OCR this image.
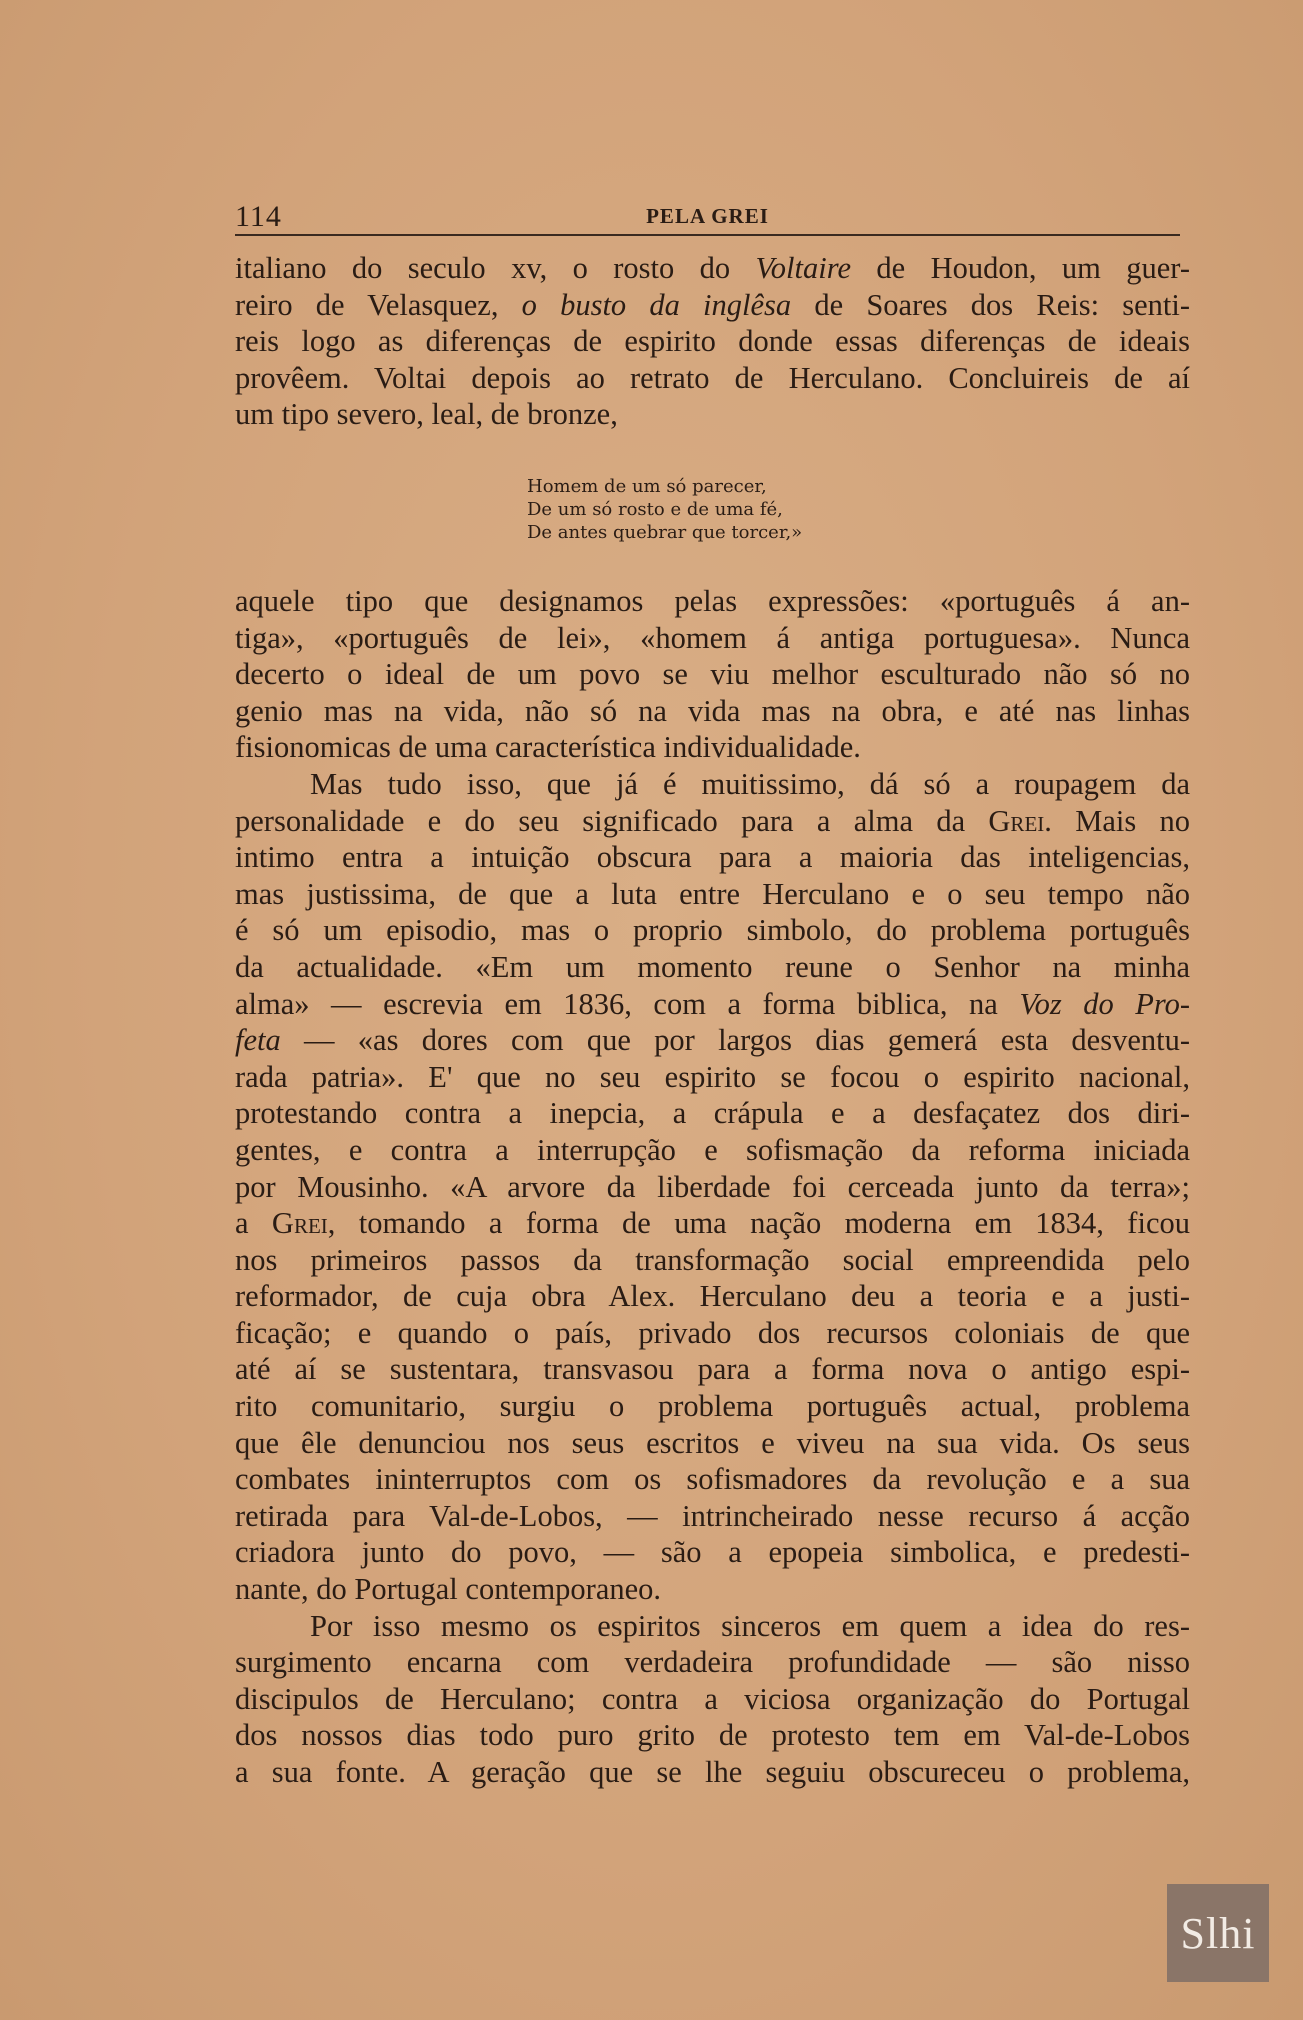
114	PELA GREI
italiano do seculo xv, o rosto do Voltaire de Houdon, um guer-
reiro de Velasquez, o busto da inglêsa de Soares dos Reis: senti-
reis logo as diferenças de espirito donde essas diferenças de ideais
provêem. Voltai depois ao retrato de Herculano. Concluireis de aí
um tipo severo, leal, de bronze,
Homem de um só parecer,
De um só rosto e de uma fé,
De antes quebrar que torcer,»
aquele tipo que designamos pelas expressões: «português á an-
tiga», «português de lei», «homem á antiga portuguesa». Nunca
decerto o ideal de um povo se viu melhor esculturado não só no
genio mas na vida, não só na vida mas na obra, e até nas linhas
fisionomicas de uma característica individualidade.
Mas tudo isso, que já é muitissimo, dá só a roupagem da
personalidade e do seu significado para a alma da Grei. Mais no
intimo entra a intuição obscura para a maioria das inteligencias,
mas justissima, de que a luta entre Herculano e o seu tempo não
é só um episodio, mas o proprio simbolo, do problema português
da actualidade. «Em um momento reune o Senhor na minha
alma» — escrevia em 1836, com a forma biblica, na Voz do Pro-
feta — «as dores com que por largos dias gemerá esta desventu-
rada patria». E' que no seu espirito se focou o espirito nacional,
protestando contra a inepcia, a crápula e a desfaçatez dos diri-
gentes, e contra a interrupção e sofismação da reforma iniciada
por Mousinho. «A arvore da liberdade foi cerceada junto da terra»;
a Grei, tomando a forma de uma nação moderna em 1834, ficou
nos primeiros passos da transformação social empreendida pelo
reformador, de cuja obra Alex. Herculano deu a teoria e a justi-
ficação; e quando o país, privado dos recursos coloniais de que
até aí se sustentara, transvasou para a forma nova o antigo espi-
rito comunitario, surgiu o problema português actual, problema
que êle denunciou nos seus escritos e viveu na sua vida. Os seus
combates ininterruptos com os sofismadores da revolução e a sua
retirada para Val-de-Lobos, — intrincheirado nesse recurso á acção
criadora junto do povo, — são a epopeia simbolica, e predesti-
nante, do Portugal contemporaneo.
Por isso mesmo os espiritos sinceros em quem a idea do res-
surgimento encarna com verdadeira profundidade — são nisso
discipulos de Herculano; contra a viciosa organização do Portugal
dos nossos dias todo puro grito de protesto tem em Val-de-Lobos
a sua fonte. A geração que se lhe seguiu obscureceu o problema,
Slhi
